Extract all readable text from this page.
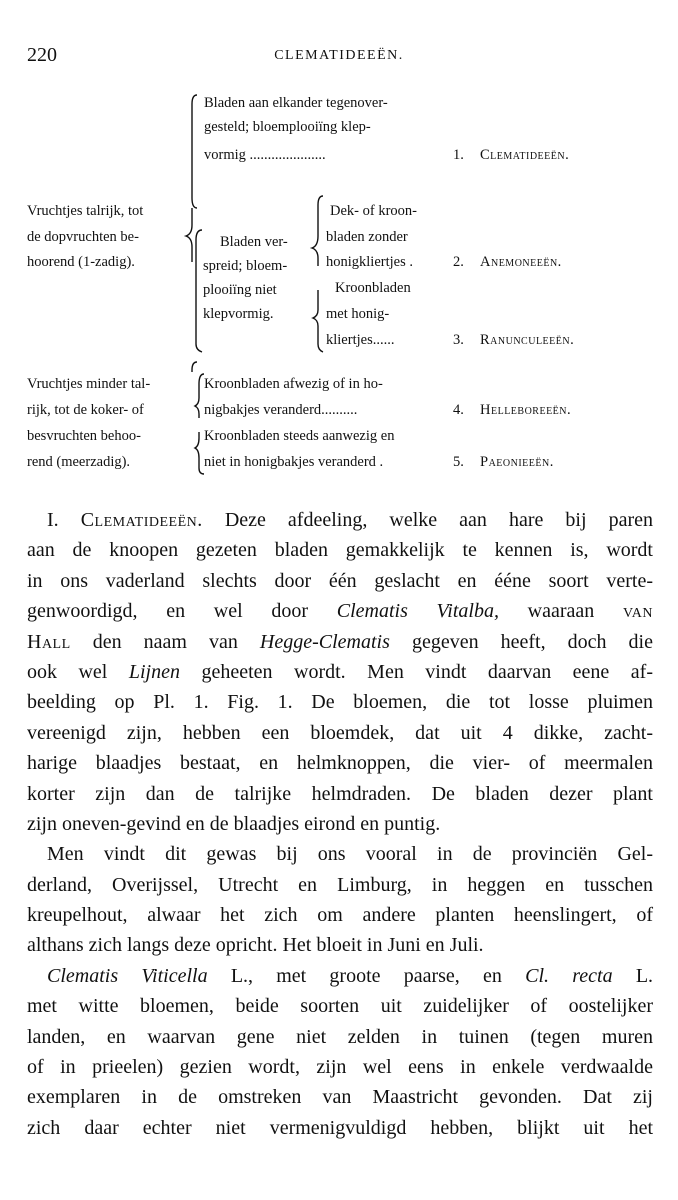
220	CLEMATIDEEËN.
Bladen aan elkander tegenover-
gesteld; bloemplooiïng klep-
vormig .....................	1. Clematideeën.
Vruchtjes talrijk, tot
de dopvruchten be-
hoorend (1-zadig).
Bladen ver-
spreid; bloem-
plooiïng niet
klepvormig.
Dek- of kroon-
bladen zonder
honigkliertjes .	2. Anemoneeën.
Kroonbladen
met honig-
kliertjes......	3. Ranunculeeën.
Vruchtjes minder tal-
rijk, tot de koker- of
besvruchten behoo-
rend (meerzadig).
Kroonbladen afwezig of in ho-
nigbakjes veranderd..........	4. Helleboreeën.
Kroonbladen steeds aanwezig en
niet in honigbakjes veranderd .	5. Paeonieeën.
I. Clematideeën. Deze afdeeling, welke aan hare bij paren
aan de knoopen gezeten bladen gemakkelijk te kennen is, wordt
in ons vaderland slechts door één geslacht en ééne soort verte-
genwoordigd, en wel door Clematis Vitalba, waaraan van
Hall den naam van Hegge-Clematis gegeven heeft, doch die
ook wel Lijnen geheeten wordt. Men vindt daarvan eene af-
beelding op Pl. 1. Fig. 1. De bloemen, die tot losse pluimen
vereenigd zijn, hebben een bloemdek, dat uit 4 dikke, zacht-
harige blaadjes bestaat, en helmknoppen, die vier- of meermalen
korter zijn dan de talrijke helmdraden. De bladen dezer plant
zijn oneven-gevind en de blaadjes eirond en puntig.
Men vindt dit gewas bij ons vooral in de provinciën Gel-
derland, Overijssel, Utrecht en Limburg, in heggen en tusschen
kreupelhout, alwaar het zich om andere planten heenslingert, of
althans zich langs deze opricht. Het bloeit in Juni en Juli.
Clematis Viticella L., met groote paarse, en Cl. recta L.
met witte bloemen, beide soorten uit zuidelijker of oostelijker
landen, en waarvan gene niet zelden in tuinen (tegen muren
of in prieelen) gezien wordt, zijn wel eens in enkele verdwaalde
exemplaren in de omstreken van Maastricht gevonden. Dat zij
zich daar echter niet vermenigvuldigd hebben, blijkt uit het
